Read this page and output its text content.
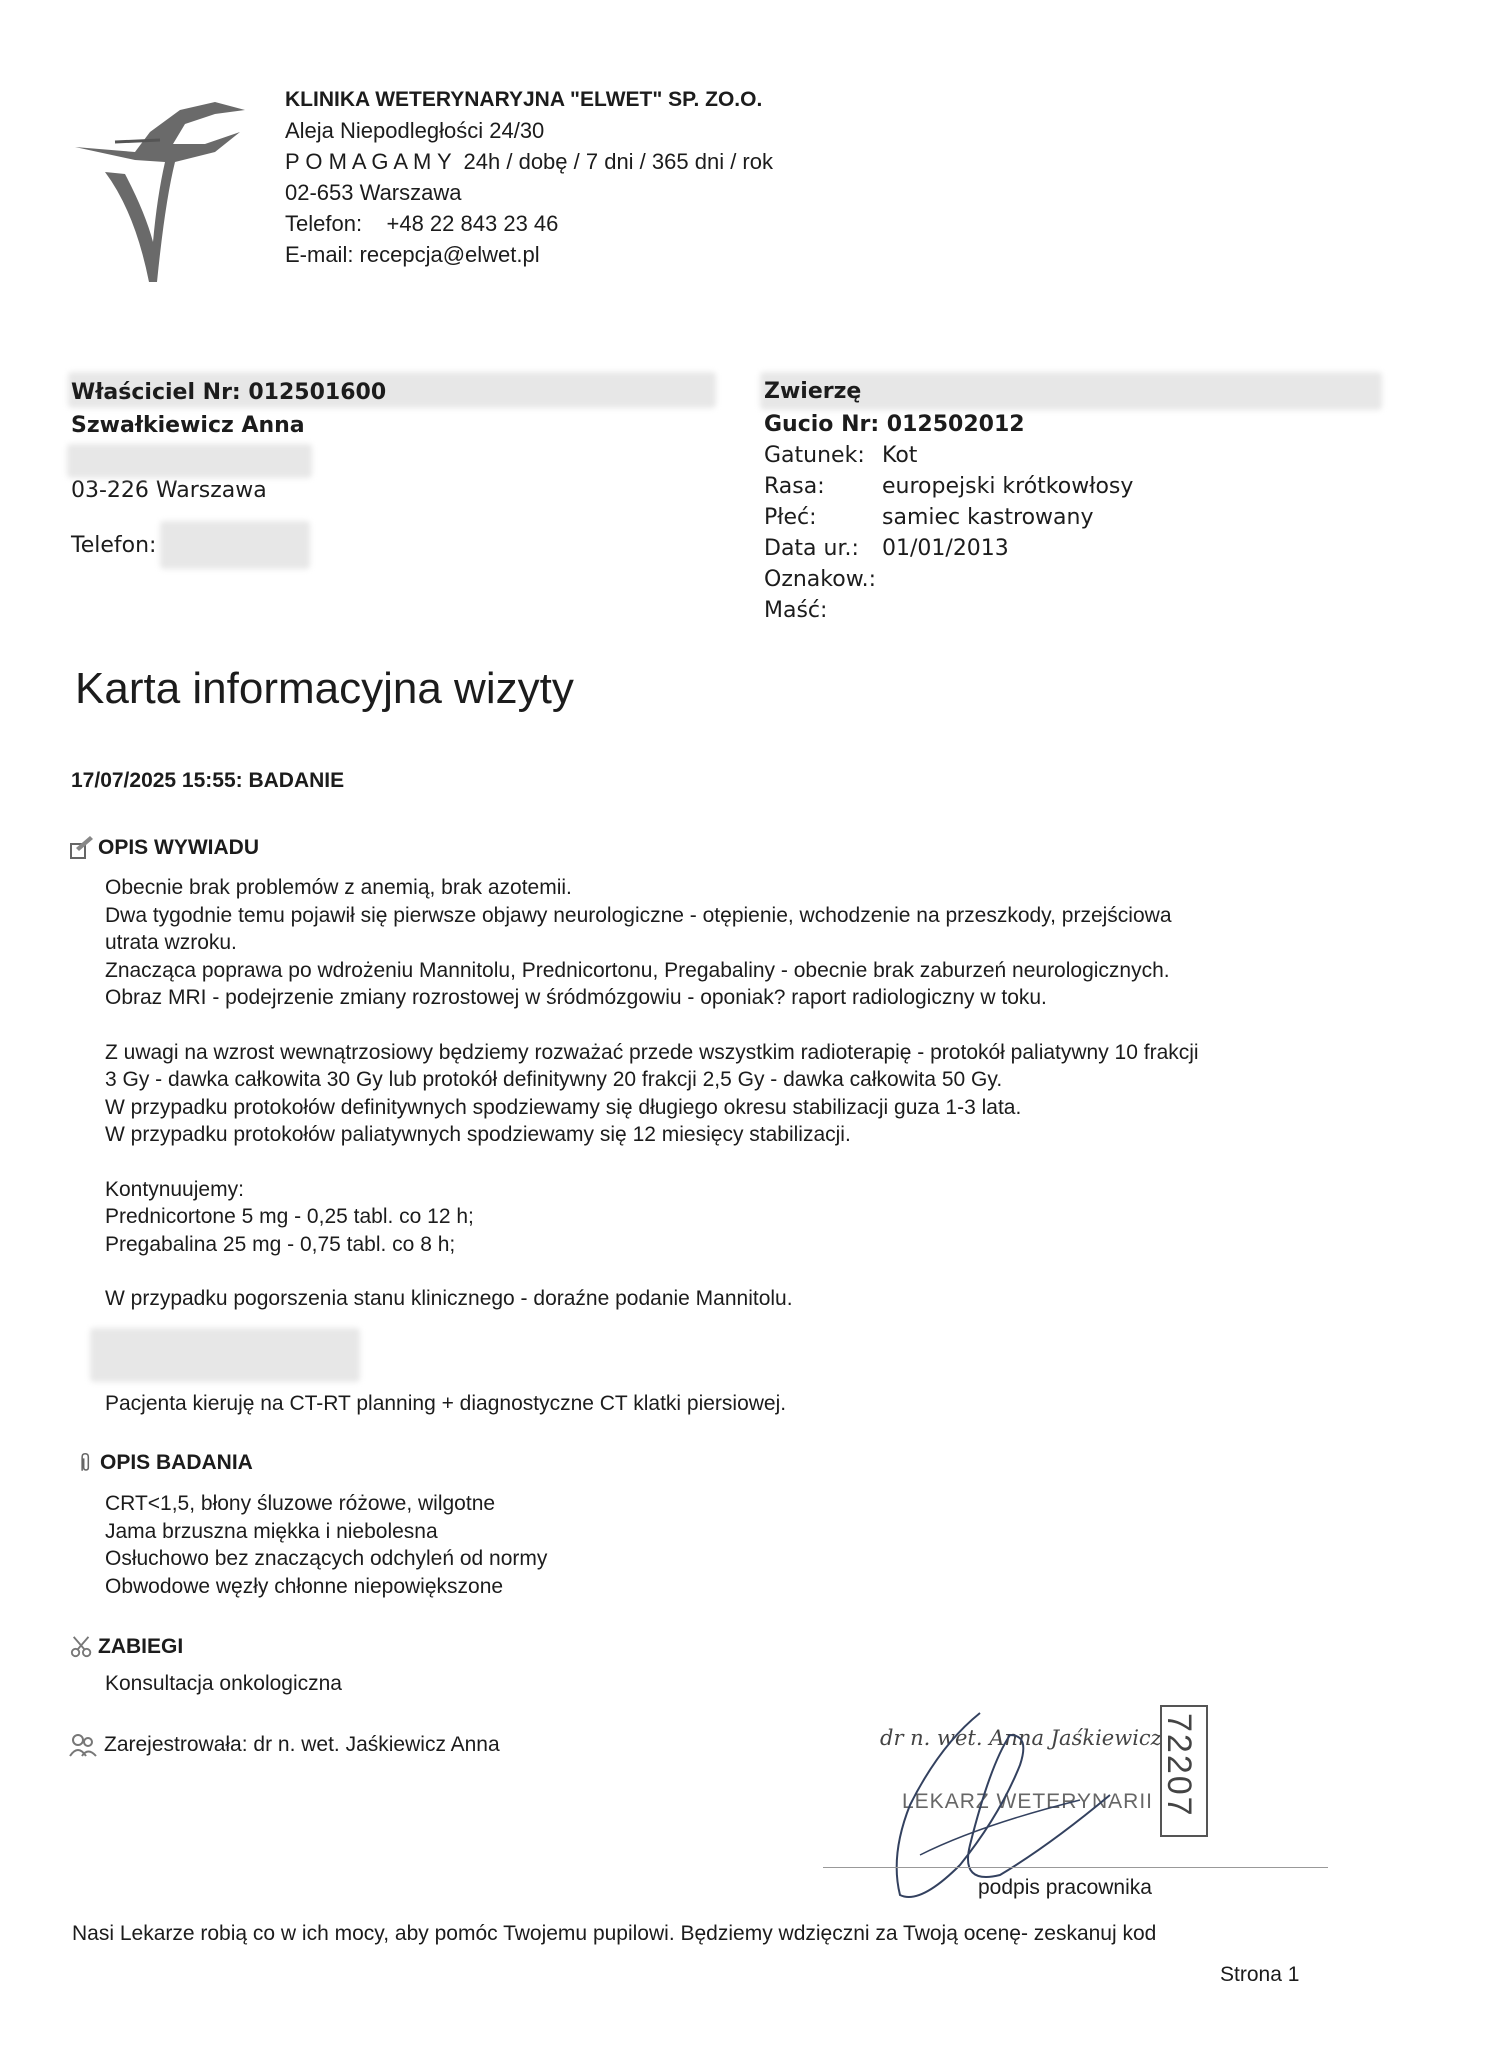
KLINIKA WETERYNARYJNA "ELWET" SP. ZO.O.
Aleja Niepodległości 24/30
P O M A G A M Y  24h / dobę / 7 dni / 365 dni / rok
02-653 Warszawa
Telefon:    +48 22 843 23 46
E-mail: recepcja@elwet.pl
Właściciel Nr: 012501600
Szwałkiewicz Anna
03-226 Warszawa
Telefon:
Zwierzę
Gucio Nr: 012502012
Gatunek:	Kot
Rasa:	europejski krótkowłosy
Płeć:	samiec kastrowany
Data ur.:	01/01/2013
Oznakow.:	
Maść:	
Karta informacyjna wizyty
17/07/2025 15:55: BADANIE
OPIS WYWIADU
Obecnie brak problemów z anemią, brak azotemii.
Dwa tygodnie temu pojawił się pierwsze objawy neurologiczne - otępienie, wchodzenie na przeszkody, przejściowa
utrata wzroku.
Znacząca poprawa po wdrożeniu Mannitolu, Prednicortonu, Pregabaliny - obecnie brak zaburzeń neurologicznych.
Obraz MRI - podejrzenie zmiany rozrostowej w śródmózgowiu - oponiak? raport radiologiczny w toku.
Z uwagi na wzrost wewnątrzosiowy będziemy rozważać przede wszystkim radioterapię - protokół paliatywny 10 frakcji
3 Gy - dawka całkowita 30 Gy lub protokół definitywny 20 frakcji 2,5 Gy - dawka całkowita 50 Gy.
W przypadku protokołów definitywnych spodziewamy się długiego okresu stabilizacji guza 1-3 lata.
W przypadku protokołów paliatywnych spodziewamy się 12 miesięcy stabilizacji.
Kontynuujemy:
Prednicortone 5 mg - 0,25 tabl. co 12 h;
Pregabalina 25 mg - 0,75 tabl. co 8 h;
W przypadku pogorszenia stanu klinicznego - doraźne podanie Mannitolu.
Pacjenta kieruję na CT-RT planning + diagnostyczne CT klatki piersiowej.
OPIS BADANIA
CRT<1,5, błony śluzowe różowe, wilgotne
Jama brzuszna miękka i niebolesna
Osłuchowo bez znaczących odchyleń od normy
Obwodowe węzły chłonne niepowiększone
ZABIEGI
Konsultacja onkologiczna
Zarejestrowała: dr n. wet. Jaśkiewicz Anna	dr n. wet. Anna Jaśkiewicz
LEKARZ WETERYNARII 72207
podpis pracownika
Nasi Lekarze robią co w ich mocy, aby pomóc Twojemu pupilowi. Będziemy wdzięczni za Twoją ocenę- zeskanuj kod
Strona 1
